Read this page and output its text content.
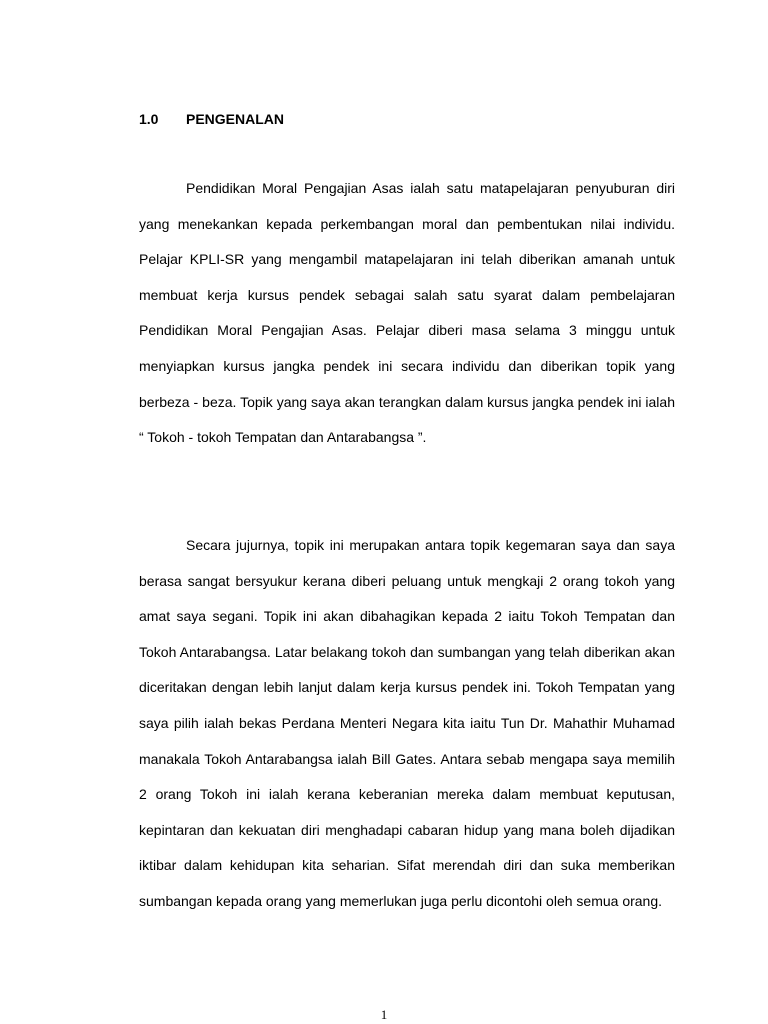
1.0 PENGENALAN

Pendidikan Moral Pengajian Asas ialah satu matapelajaran penyuburan diri yang menekankan kepada perkembangan moral dan pembentukan nilai individu. Pelajar KPLI-SR yang mengambil matapelajaran ini telah diberikan amanah untuk membuat kerja kursus pendek sebagai salah satu syarat dalam pembelajaran Pendidikan Moral Pengajian Asas. Pelajar diberi masa selama 3 minggu untuk menyiapkan kursus jangka pendek ini secara individu dan diberikan topik yang berbeza - beza. Topik yang saya akan terangkan dalam kursus jangka pendek ini ialah “ Tokoh - tokoh Tempatan dan Antarabangsa ”.

Secara jujurnya, topik ini merupakan antara topik kegemaran saya dan saya berasa sangat bersyukur kerana diberi peluang untuk mengkaji 2 orang tokoh yang amat saya segani. Topik ini akan dibahagikan kepada 2 iaitu Tokoh Tempatan dan Tokoh Antarabangsa. Latar belakang tokoh dan sumbangan yang telah diberikan akan diceritakan dengan lebih lanjut dalam kerja kursus pendek ini. Tokoh Tempatan yang saya pilih ialah bekas Perdana Menteri Negara kita iaitu Tun Dr. Mahathir Muhamad manakala Tokoh Antarabangsa ialah Bill Gates. Antara sebab mengapa saya memilih 2 orang Tokoh ini ialah kerana keberanian mereka dalam membuat keputusan, kepintaran dan kekuatan diri menghadapi cabaran hidup yang mana boleh dijadikan iktibar dalam kehidupan kita seharian. Sifat merendah diri dan suka memberikan sumbangan kepada orang yang memerlukan juga perlu dicontohi oleh semua orang.

1
